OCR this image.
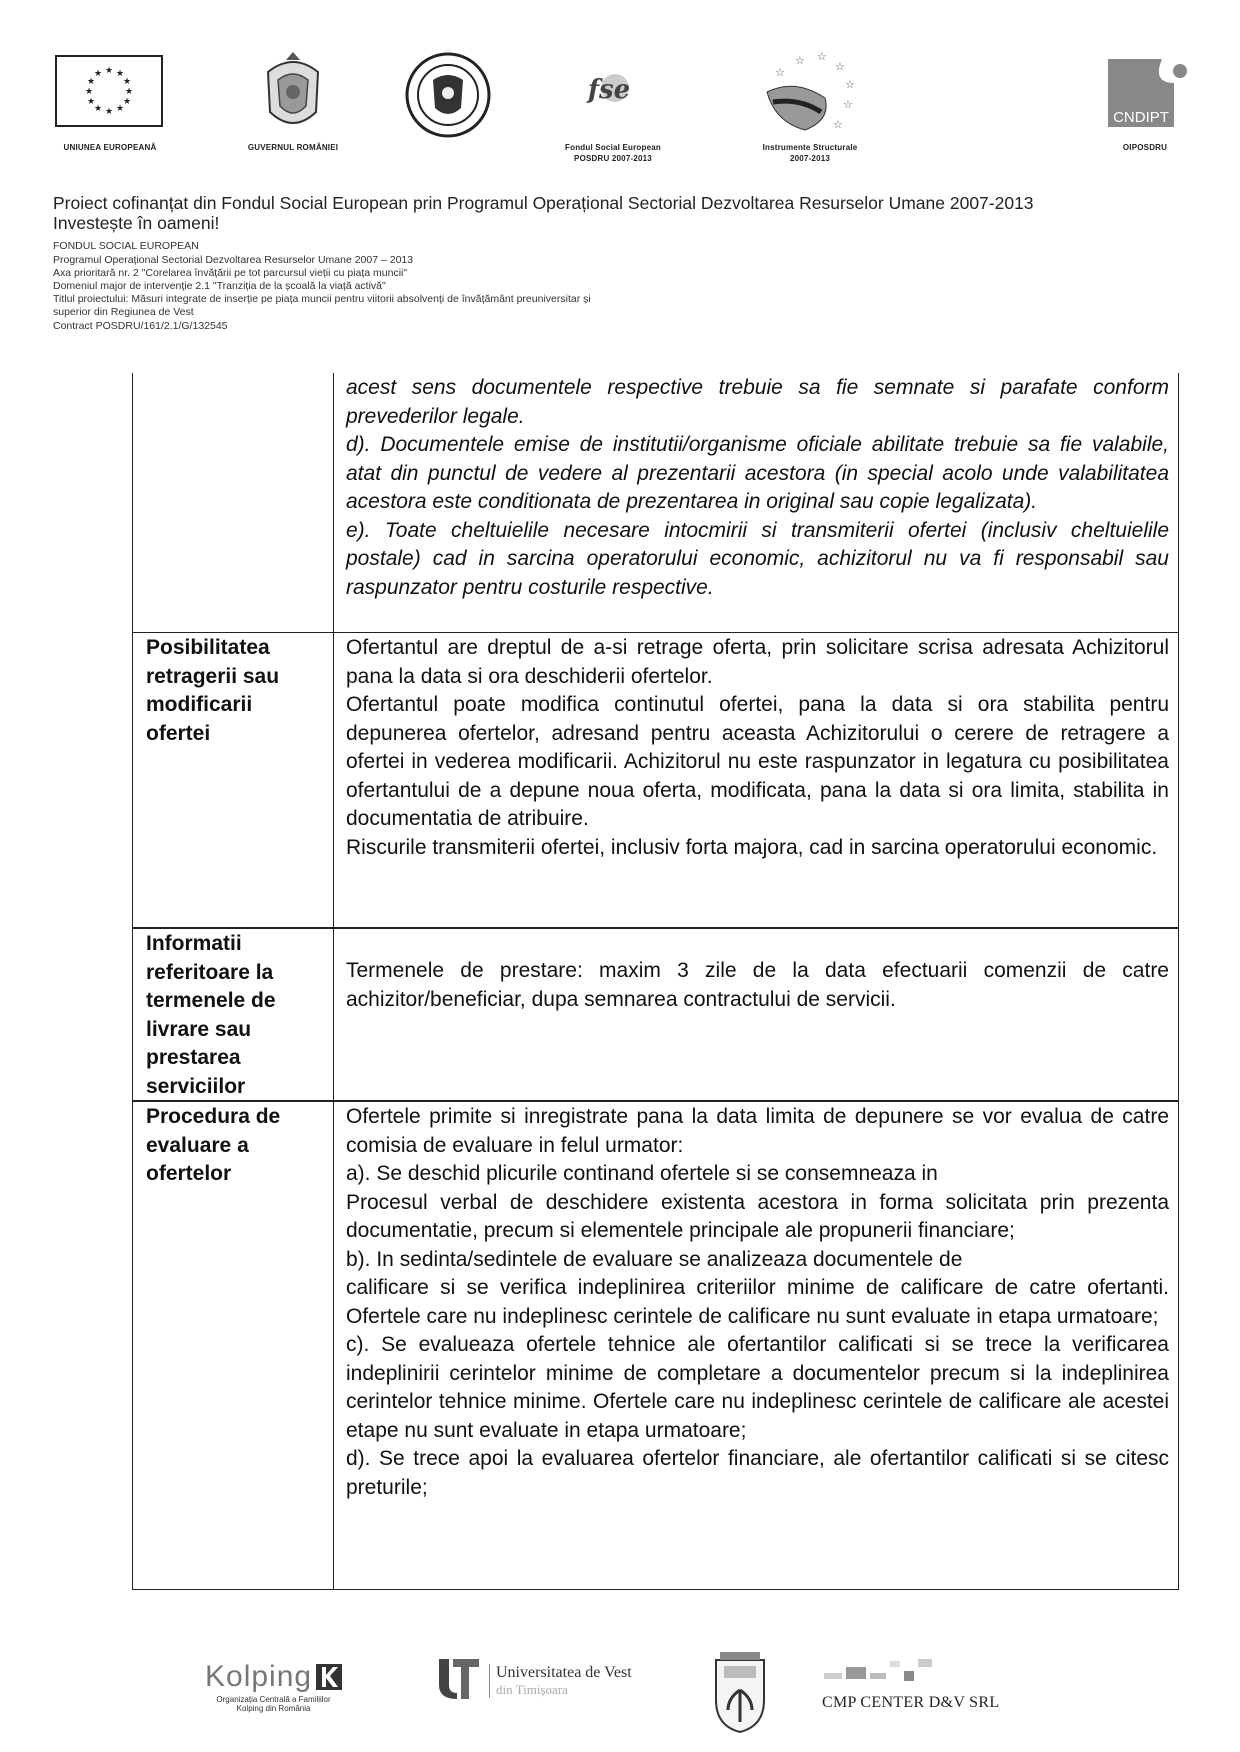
★ ★
★
★
★
★
★
★
★
★
★
★
UNIUNEA EUROPEANĂ	GUVERNUL ROMÂNIEI
fse
Fondul Social European
POSDRU 2007-2013
☆ ☆
☆
☆
☆
☆
☆
Instrumente Structurale
2007-2013
CNDIPT
OIPOSDRU
Proiect cofinanțat din Fondul Social European prin Programul Operațional Sectorial Dezvoltarea Resurselor Umane 2007-2013
Investește în oameni!
FONDUL SOCIAL EUROPEAN
Programul Operațional Sectorial Dezvoltarea Resurselor Umane 2007 – 2013
Axa prioritară nr. 2 "Corelarea învățării pe tot parcursul vieții cu piața muncii"
Domeniul major de intervenție 2.1 "Tranziția de la școală la viață activă"
Titlul proiectului: Măsuri integrate de inserție pe piața muncii pentru viitorii absolvenți de învățământ preuniversitar și
superior din Regiunea de Vest
Contract POSDRU/161/2.1/G/132545

acest sens documentele respective trebuie sa fie semnate si parafate conform prevederilor legale.

d). Documentele emise de institutii/organisme oficiale abilitate trebuie sa fie valabile, atat din punctul de vedere al prezentarii acestora (in special acolo unde valabilitatea acestora este conditionata de prezentarea in original sau copie legalizata).

e). Toate cheltuielile necesare intocmirii si transmiterii ofertei (inclusiv cheltuielile postale) cad in sarcina operatorului economic, achizitorul nu va fi responsabil sau raspunzator pentru costurile respective.

Posibilitatea retragerii sau modificarii ofertei

Ofertantul are dreptul de a-si retrage oferta, prin solicitare scrisa adresata Achizitorul pana la data si ora deschiderii ofertelor.

Ofertantul poate modifica continutul ofertei, pana la data si ora stabilita pentru depunerea ofertelor, adresand pentru aceasta Achizitorului o cerere de retragere a ofertei in vederea modificarii. Achizitorul nu este raspunzator in legatura cu posibilitatea ofertantului de a depune noua oferta, modificata, pana la data si ora limita, stabilita in documentatia de atribuire.

Riscurile transmiterii ofertei, inclusiv forta majora, cad in sarcina operatorului economic.

Informatii referitoare la termenele de livrare sau prestarea serviciilor

Termenele de prestare: maxim 3 zile de la data efectuarii comenzii de catre achizitor/beneficiar, dupa semnarea contractului de servicii.

Procedura de evaluare a ofertelor

Ofertele primite si inregistrate pana la data limita de depunere se vor evalua de catre comisia de evaluare in felul urmator:

a). Se deschid plicurile continand ofertele si se consemneaza in

Procesul verbal de deschidere existenta acestora in forma solicitata prin prezenta documentatie, precum si elementele principale ale propunerii financiare;

b). In sedinta/sedintele de evaluare se analizeaza documentele de

calificare si se verifica indeplinirea criteriilor minime de calificare de catre ofertanti. Ofertele care nu indeplinesc cerintele de calificare nu sunt evaluate in etapa urmatoare;

c). Se evalueaza ofertele tehnice ale ofertantilor calificati si se trece la verificarea indeplinirii cerintelor minime de completare a documentelor precum si la indeplinirea cerintelor tehnice minime. Ofertele care nu indeplinesc cerintele de calificare ale acestei etape nu sunt evaluate in etapa urmatoare;

d). Se trece apoi la evaluarea ofertelor financiare, ale ofertantilor calificati si se citesc preturile;

Kolping
Organizația Centrală a Familiilor
Kolping din România
Universitatea de Vest
din Timișoara
CMP CENTER D&V SRL
